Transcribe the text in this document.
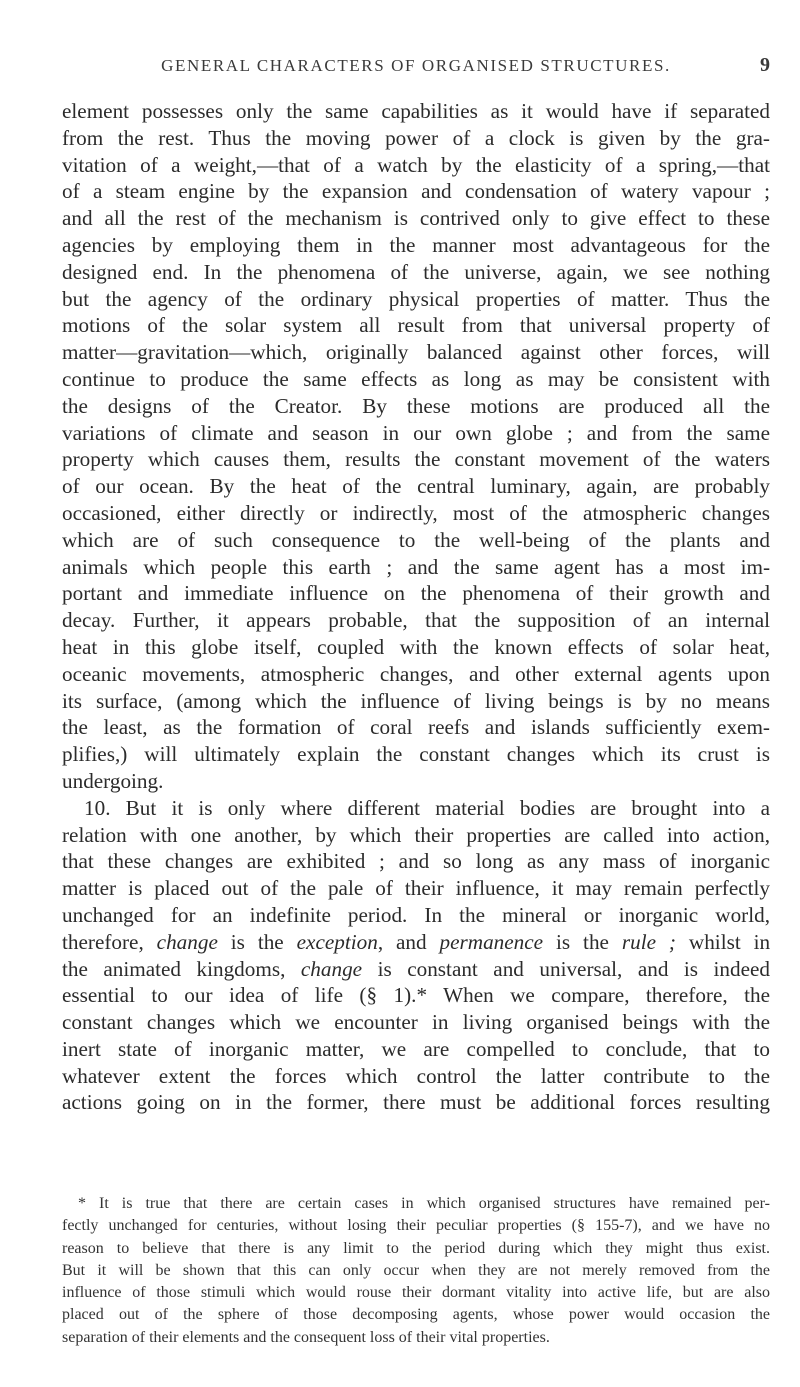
GENERAL CHARACTERS OF ORGANISED STRUCTURES.	9
element possesses only the same capabilities as it would have if separated
from the rest. Thus the moving power of a clock is given by the gra-
vitation of a weight,—that of a watch by the elasticity of a spring,—that
of a steam engine by the expansion and condensation of watery vapour ;
and all the rest of the mechanism is contrived only to give effect to these
agencies by employing them in the manner most advantageous for the
designed end. In the phenomena of the universe, again, we see nothing
but the agency of the ordinary physical properties of matter. Thus the
motions of the solar system all result from that universal property of
matter—gravitation—which, originally balanced against other forces, will
continue to produce the same effects as long as may be consistent with
the designs of the Creator. By these motions are produced all the
variations of climate and season in our own globe ; and from the same
property which causes them, results the constant movement of the waters
of our ocean. By the heat of the central luminary, again, are probably
occasioned, either directly or indirectly, most of the atmospheric changes
which are of such consequence to the well-being of the plants and
animals which people this earth ; and the same agent has a most im-
portant and immediate influence on the phenomena of their growth and
decay. Further, it appears probable, that the supposition of an internal
heat in this globe itself, coupled with the known effects of solar heat,
oceanic movements, atmospheric changes, and other external agents upon
its surface, (among which the influence of living beings is by no means
the least, as the formation of coral reefs and islands sufficiently exem-
plifies,) will ultimately explain the constant changes which its crust is
undergoing.
10. But it is only where different material bodies are brought into a
relation with one another, by which their properties are called into action,
that these changes are exhibited ; and so long as any mass of inorganic
matter is placed out of the pale of their influence, it may remain perfectly
unchanged for an indefinite period. In the mineral or inorganic world,
therefore, change is the exception, and permanence is the rule ; whilst in
the animated kingdoms, change is constant and universal, and is indeed
essential to our idea of life (§ 1).* When we compare, therefore, the
constant changes which we encounter in living organised beings with the
inert state of inorganic matter, we are compelled to conclude, that to
whatever extent the forces which control the latter contribute to the
actions going on in the former, there must be additional forces resulting
* It is true that there are certain cases in which organised structures have remained per-
fectly unchanged for centuries, without losing their peculiar properties (§ 155-7), and we have no
reason to believe that there is any limit to the period during which they might thus exist.
But it will be shown that this can only occur when they are not merely removed from the
influence of those stimuli which would rouse their dormant vitality into active life, but are also
placed out of the sphere of those decomposing agents, whose power would occasion the
separation of their elements and the consequent loss of their vital properties.
